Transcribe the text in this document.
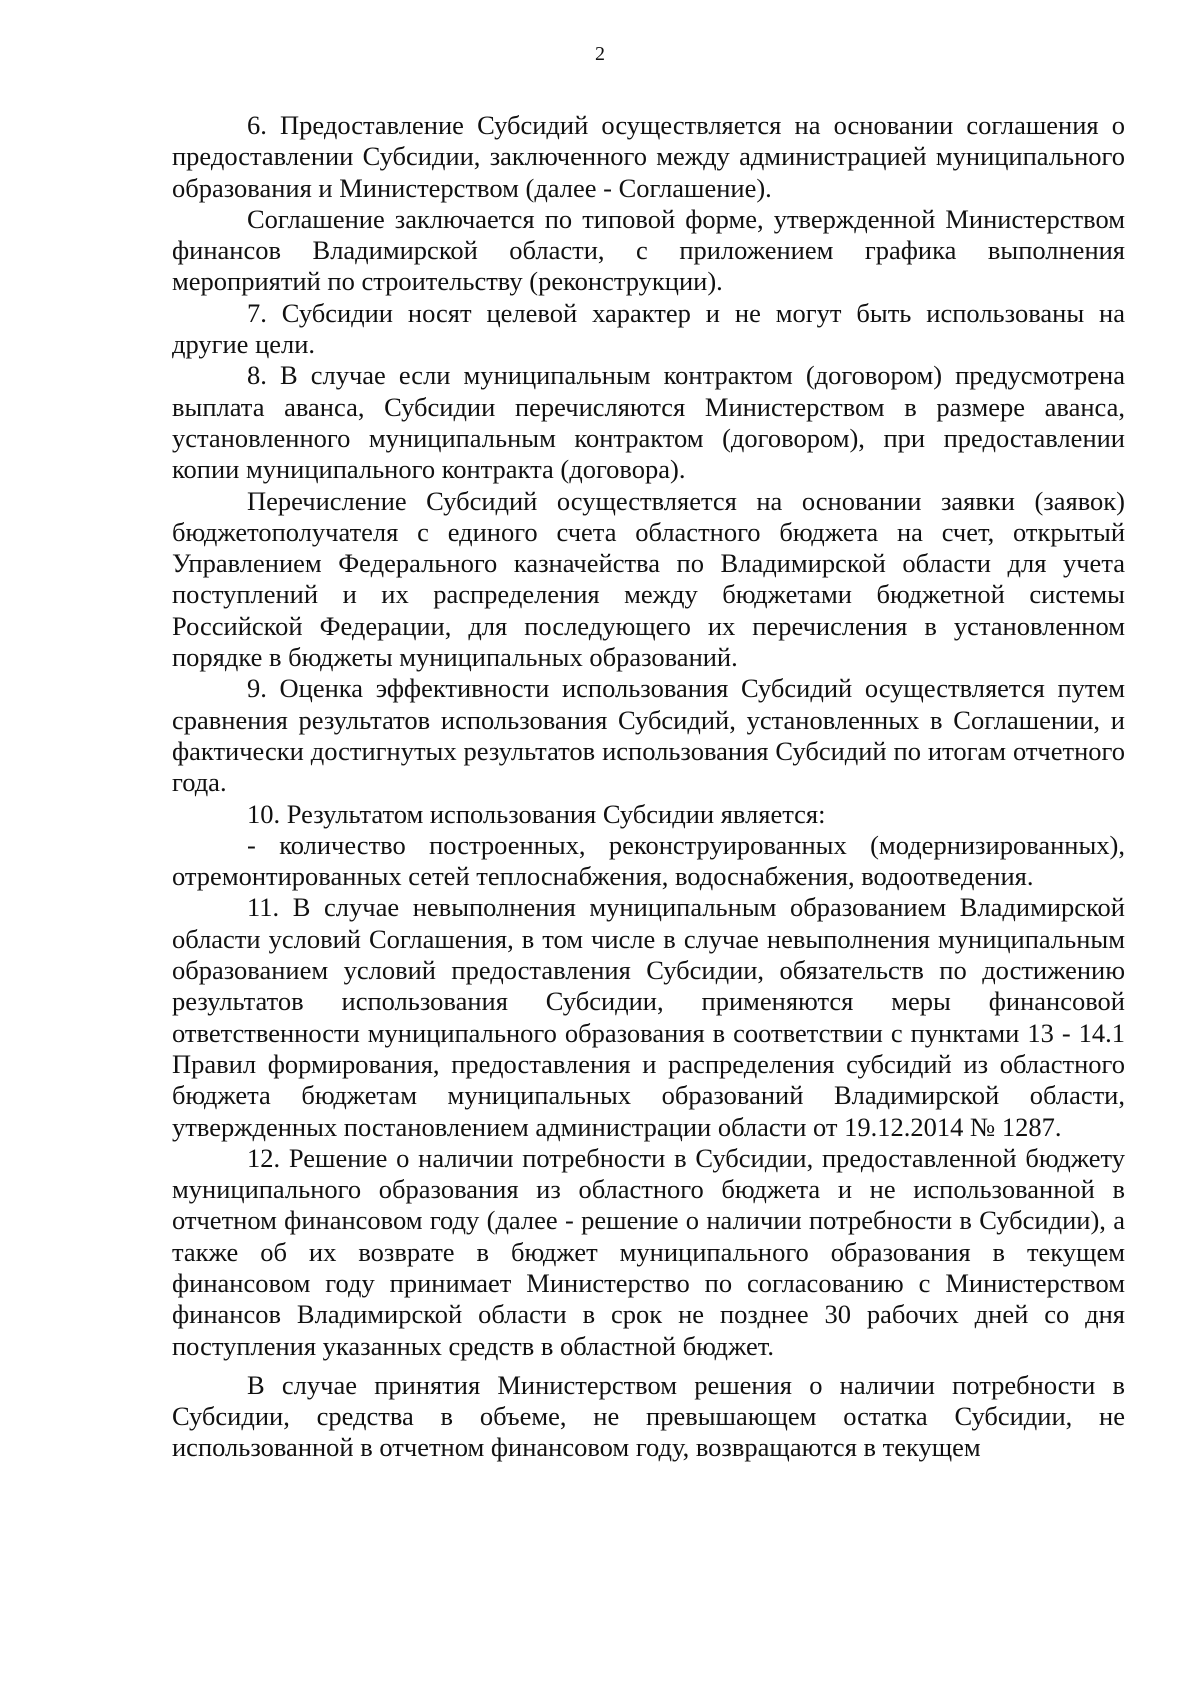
2

6. Предоставление Субсидий осуществляется на основании соглашения о предоставлении Субсидии, заключенного между администрацией муниципального образования и Министерством (далее - Соглашение).

Соглашение заключается по типовой форме, утвержденной Министерством финансов Владимирской области, с приложением графика выполнения мероприятий по строительству (реконструкции).

7. Субсидии носят целевой характер и не могут быть использованы на другие цели.

8. В случае если муниципальным контрактом (договором) предусмотрена выплата аванса, Субсидии перечисляются Министерством в размере аванса, установленного муниципальным контрактом (договором), при предоставлении копии муниципального контракта (договора).

Перечисление Субсидий осуществляется на основании заявки (заявок) бюджетополучателя с единого счета областного бюджета на счет, открытый Управлением Федерального казначейства по Владимирской области для учета поступлений и их распределения между бюджетами бюджетной системы Российской Федерации, для последующего их перечисления в установленном порядке в бюджеты муниципальных образований.

9. Оценка эффективности использования Субсидий осуществляется путем сравнения результатов использования Субсидий, установленных в Соглашении, и фактически достигнутых результатов использования Субсидий по итогам отчетного года.

10. Результатом использования Субсидии является:

- количество построенных, реконструированных (модернизированных), отремонтированных сетей теплоснабжения, водоснабжения, водоотведения.

11. В случае невыполнения муниципальным образованием Владимирской области условий Соглашения, в том числе в случае невыполнения муниципальным образованием условий предоставления Субсидии, обязательств по достижению результатов использования Субсидии, применяются меры финансовой ответственности муниципального образования в соответствии с пунктами 13 - 14.1 Правил формирования, предоставления и распределения субсидий из областного бюджета бюджетам муниципальных образований Владимирской области, утвержденных постановлением администрации области от 19.12.2014 № 1287.

12. Решение о наличии потребности в Субсидии, предоставленной бюджету муниципального образования из областного бюджета и не использованной в отчетном финансовом году (далее - решение о наличии потребности в Субсидии), а также об их возврате в бюджет муниципального образования в текущем финансовом году принимает Министерство по согласованию с Министерством финансов Владимирской области в срок не позднее 30 рабочих дней со дня поступления указанных средств в областной бюджет.

В случае принятия Министерством решения о наличии потребности в Субсидии, средства в объеме, не превышающем остатка Субсидии, не использованной в отчетном финансовом году, возвращаются в текущем
